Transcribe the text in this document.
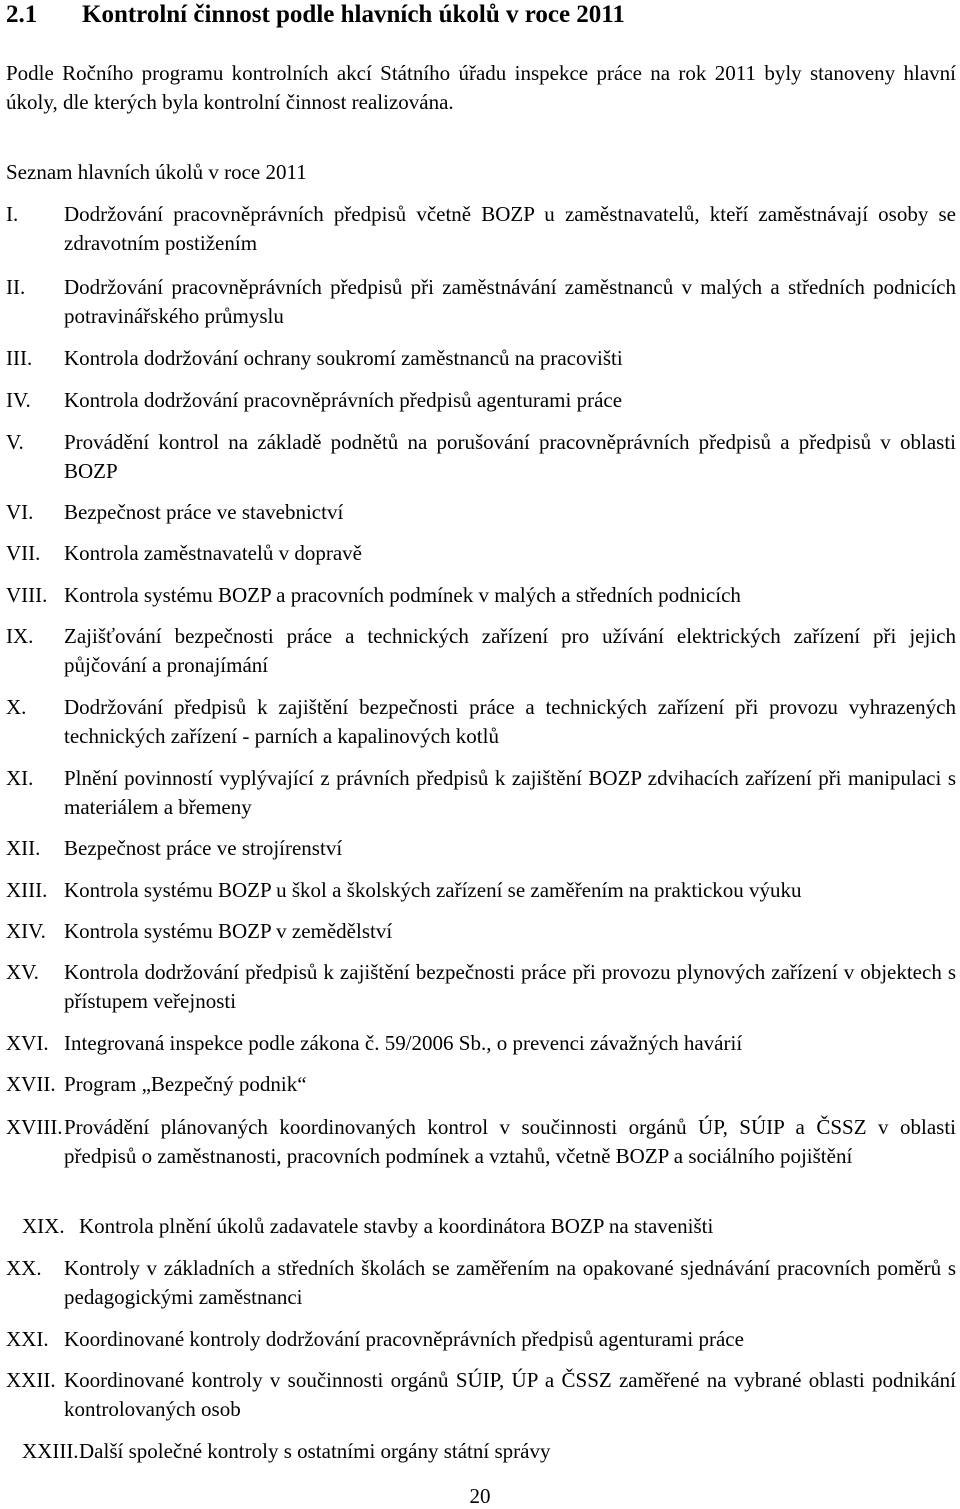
2.1 Kontrolní činnost podle hlavních úkolů v roce 2011
Podle Ročního programu kontrolních akcí Státního úřadu inspekce práce na rok 2011 byly stanoveny hlavní úkoly, dle kterých byla kontrolní činnost realizována.
Seznam hlavních úkolů v roce 2011
I. Dodržování pracovněprávních předpisů včetně BOZP u zaměstnavatelů, kteří zaměstnávají osoby se zdravotním postižením
II. Dodržování pracovněprávních předpisů při zaměstnávání zaměstnanců v malých a středních podnicích potravinářského průmyslu
III. Kontrola dodržování ochrany soukromí zaměstnanců na pracovišti
IV. Kontrola dodržování pracovněprávních předpisů agenturami práce
V. Provádění kontrol na základě podnětů na porušování pracovněprávních předpisů a předpisů v oblasti BOZP
VI. Bezpečnost práce ve stavebnictví
VII. Kontrola zaměstnavatelů v dopravě
VIII. Kontrola systému BOZP a pracovních podmínek v malých a středních podnicích
IX. Zajišťování bezpečnosti práce a technických zařízení pro užívání elektrických zařízení při jejich půjčování a pronajímání
X. Dodržování předpisů k zajištění bezpečnosti práce a technických zařízení při provozu vyhrazených technických zařízení - parních a kapalinových kotlů
XI. Plnění povinností vyplývající z právních předpisů k zajištění BOZP zdvihacích zařízení při manipulaci s materiálem a břemeny
XII. Bezpečnost práce ve strojírenství
XIII. Kontrola systému BOZP u škol a školských zařízení se zaměřením na praktickou výuku
XIV. Kontrola systému BOZP v zemědělství
XV. Kontrola dodržování předpisů k zajištění bezpečnosti práce při provozu plynových zařízení v objektech s přístupem veřejnosti
XVI. Integrovaná inspekce podle zákona č. 59/2006 Sb., o prevenci závažných havárií
XVII. Program „Bezpečný podnik“
XVIII. Provádění plánovaných koordinovaných kontrol v součinnosti orgánů ÚP, SÚIP a ČSSZ v oblasti předpisů o zaměstnanosti, pracovních podmínek a vztahů, včetně BOZP a sociálního pojištění
XIX. Kontrola plnění úkolů zadavatele stavby a koordinátora BOZP na staveništi
XX. Kontroly v základních a středních školách se zaměřením na opakované sjednávání pracovních poměrů s pedagogickými zaměstnanci
XXI. Koordinované kontroly dodržování pracovněprávních předpisů agenturami práce
XXII. Koordinované kontroly v součinnosti orgánů SÚIP, ÚP a ČSSZ zaměřené na vybrané oblasti podnikání kontrolovaných osob
XXIII. Další společné kontroly s ostatními orgány státní správy
20
